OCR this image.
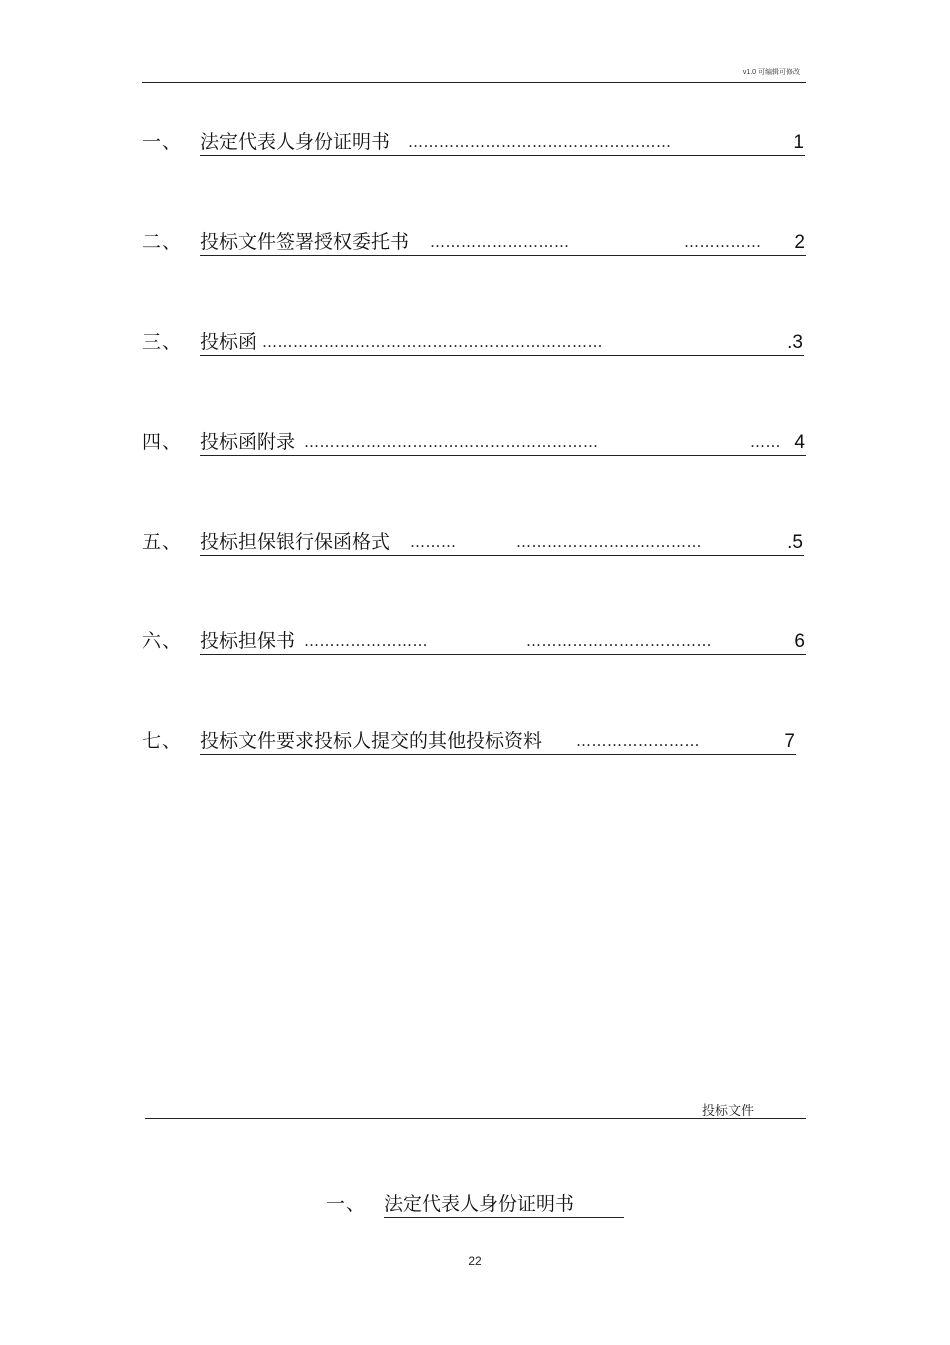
v1.0 可编辑可修改
一、 法定代表人身份证明书 ……………………………………………	1
二、 投标文件签署授权委托书 ………………………	……………	2
三、 投标函 …………………………………………………………	.3
四、 投标函附录 …………………………………………………	…… 4
五、 投标担保银行保函格式 ………	………………………………	.5
六、 投标担保书 ……………………	………………………………	6
七、 投标文件要求投标人提交的其他投标资料 ……………………	7
投标文件
一、 法定代表人身份证明书
22
